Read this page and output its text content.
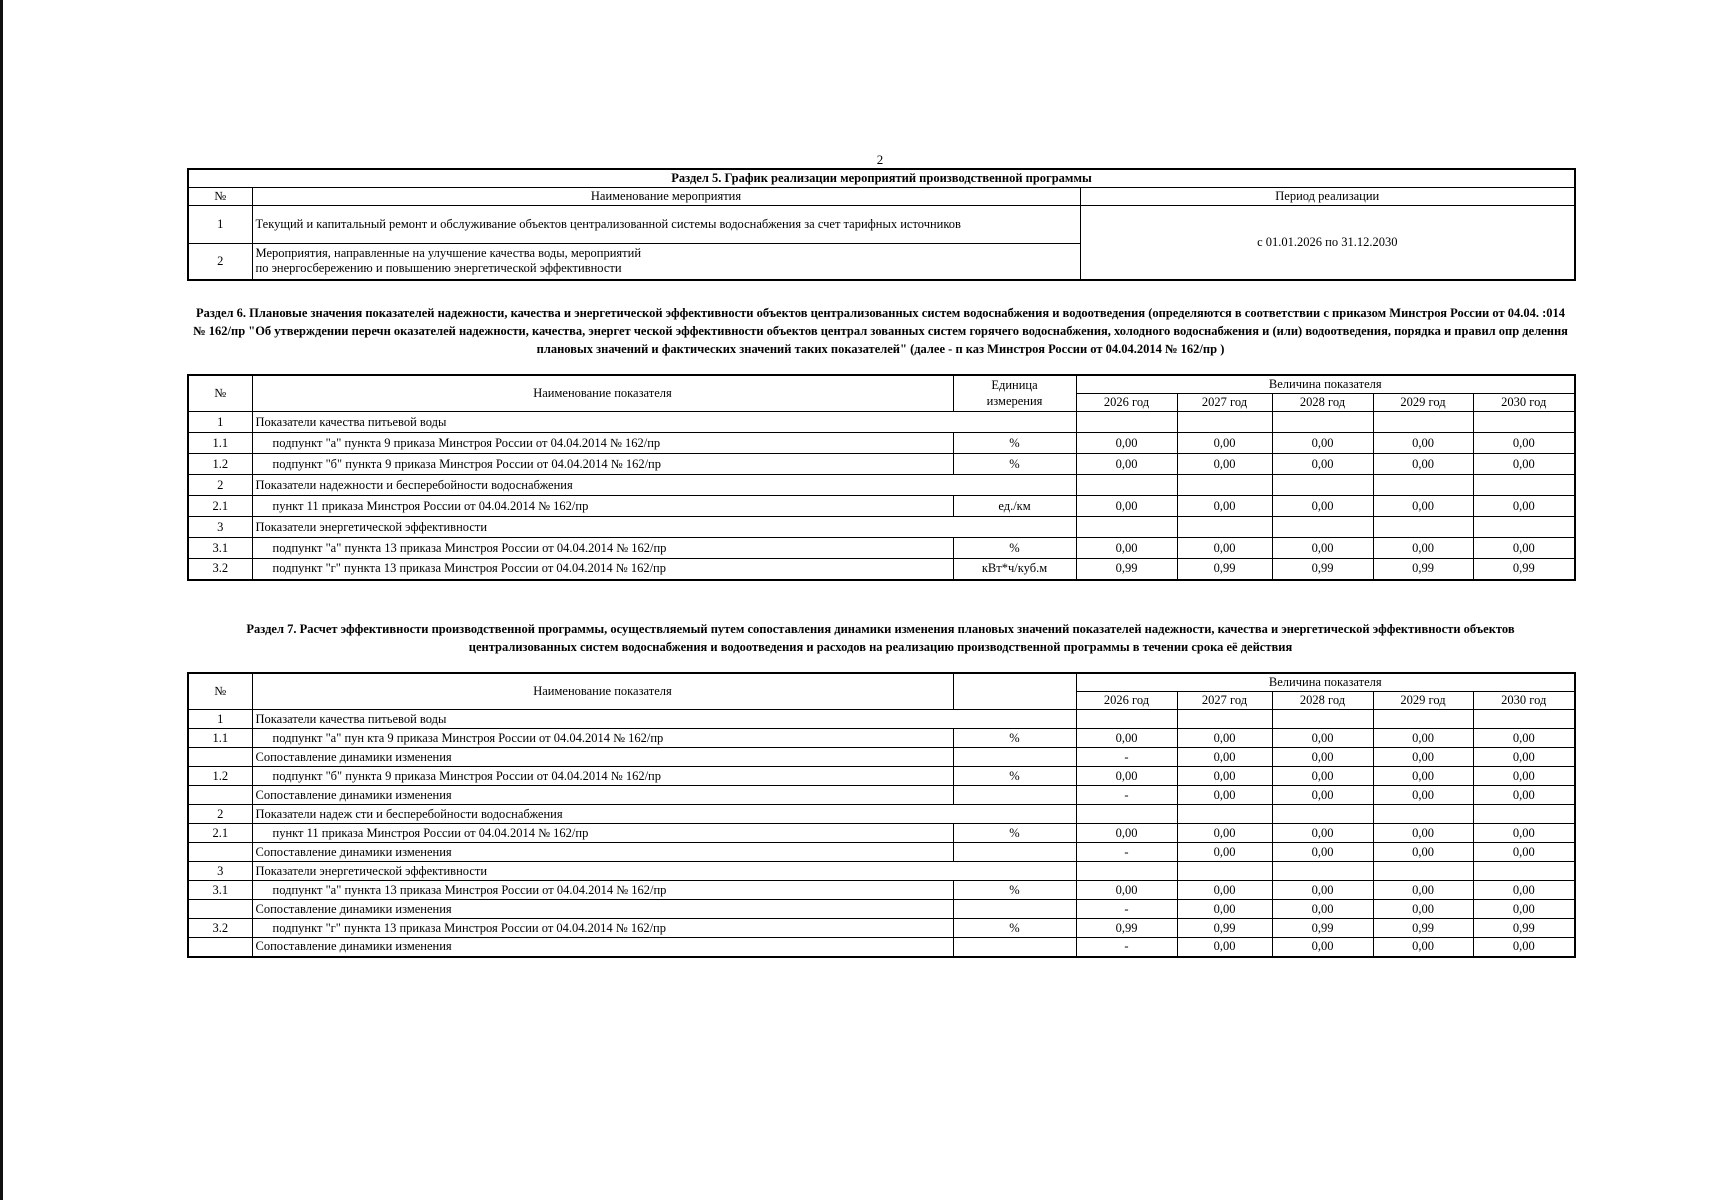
2
Раздел 5. График реализации мероприятий производственной программы		
№	Наименование мероприятия	Период реализации
1	Текущий и капитальный ремонт и обслуживание объектов централизованной системы водоснабжения за счет тарифных источников	с 01.01.2026 по 31.12.2030
2	Мероприятия, направленные на улучшение качества воды, мероприятий
по энергосбережению и повышению энергетической эффективности	
Раздел 6. Плановые значения показателей надежности, качества и энергетической эффективности объектов централизованных систем водоснабжения и водоотведения (определяются в соответствии с приказом Минстроя России от 04.04. :014 № 162/пр "Об утверждении перечн оказателей надежности, качества, энергет ческой эффективности объектов централ зованных систем горячего водоснабжения, холодного водоснабжения и (или) водоотведения, порядка и правил опр делення плановых значений и фактических значений таких показателей" (далее - п каз Минстроя России от 04.04.2014 № 162/пр )
№	Наименование показателя	Единица
измерения	Величина показателя				
			2026 год	2027 год	2028 год	2029 год	2030 год
1	Показатели качества питьевой воды						
1.1	подпункт "а" пункта 9 приказа Минстроя России от 04.04.2014 № 162/пр	%	0,00	0,00	0,00	0,00	0,00
1.2	подпункт "б" пункта 9 приказа Минстроя России от 04.04.2014 № 162/пр	%	0,00	0,00	0,00	0,00	0,00
2	Показатели надежности и бесперебойности водоснабжения						
2.1	пункт 11 приказа Минстроя России от 04.04.2014 № 162/пр	ед./км	0,00	0,00	0,00	0,00	0,00
3	Показатели энергетической эффективности						
3.1	подпункт "а" пункта 13 приказа Минстроя России от 04.04.2014 № 162/пр	%	0,00	0,00	0,00	0,00	0,00
3.2	подпункт "г" пункта 13 приказа Минстроя России от 04.04.2014 № 162/пр	кВт*ч/куб.м	0,99	0,99	0,99	0,99	0,99
Раздел 7. Расчет эффективности производственной программы, осуществляемый путем сопоставления динамики изменения плановых значений показателей надежности, качества и энергетической эффективности объектов централизованных систем водоснабжения и водоотведения и расходов на реализацию производственной программы в течении срока её действия
№	Наименование показателя		Величина показателя				
			2026 год	2027 год	2028 год	2029 год	2030 год
1	Показатели качества питьевой воды						
1.1	подпункт "а" пун кта 9 приказа Минстроя России от 04.04.2014 № 162/пр	%	0,00	0,00	0,00	0,00	0,00
	Сопоставление динамики изменения		-	0,00	0,00	0,00	0,00
1.2	подпункт "б" пункта 9 приказа Минстроя России от 04.04.2014 № 162/пр	%	0,00	0,00	0,00	0,00	0,00
	Сопоставление динамики изменения		-	0,00	0,00	0,00	0,00
2	Показатели надеж сти и бесперебойности водоснабжения						
2.1	пункт 11 приказа Минстроя России от 04.04.2014 № 162/пр	%	0,00	0,00	0,00	0,00	0,00
	Сопоставление динамики изменения		-	0,00	0,00	0,00	0,00
3	Показатели энергетической эффективности						
3.1	подпункт "а" пункта 13 приказа Минстроя России от 04.04.2014 № 162/пр	%	0,00	0,00	0,00	0,00	0,00
	Сопоставление динамики изменения		-	0,00	0,00	0,00	0,00
3.2	подпункт "г" пункта 13 приказа Минстроя России от 04.04.2014 № 162/пр	%	0,99	0,99	0,99	0,99	0,99
	Сопоставление динамики изменения		-	0,00	0,00	0,00	0,00
